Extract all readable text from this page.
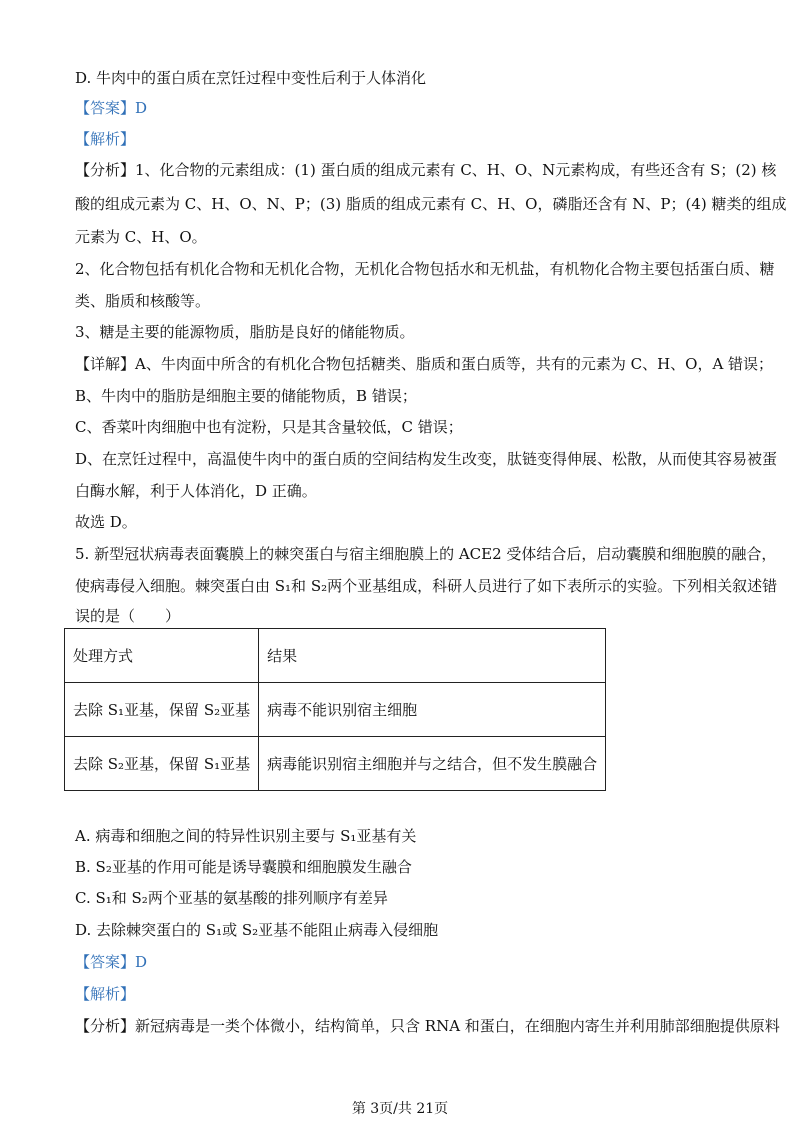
D. 牛肉中的蛋白质在烹饪过程中变性后利于人体消化
【答案】D
【解析】
【分析】1、化合物的元素组成：(1) 蛋白质的组成元素有 C、H、O、N元素构成，有些还含有 S；(2) 核
酸的组成元素为 C、H、O、N、P；(3) 脂质的组成元素有 C、H、O，磷脂还含有 N、P；(4) 糖类的组成
元素为 C、H、O。
2、化合物包括有机化合物和无机化合物，无机化合物包括水和无机盐，有机物化合物主要包括蛋白质、糖
类、脂质和核酸等。
3、糖是主要的能源物质，脂肪是良好的储能物质。
【详解】A、牛肉面中所含的有机化合物包括糖类、脂质和蛋白质等，共有的元素为 C、H、O，A 错误；
B、牛肉中的脂肪是细胞主要的储能物质，B 错误；
C、香菜叶肉细胞中也有淀粉，只是其含量较低，C 错误；
D、在烹饪过程中，高温使牛肉中的蛋白质的空间结构发生改变，肽链变得伸展、松散，从而使其容易被蛋
白酶水解，利于人体消化，D 正确。
故选 D。
5. 新型冠状病毒表面囊膜上的棘突蛋白与宿主细胞膜上的 ACE2 受体结合后，启动囊膜和细胞膜的融合，
使病毒侵入细胞。棘突蛋白由 S₁和 S₂两个亚基组成，科研人员进行了如下表所示的实验。下列相关叙述错
误的是（　　）
处理方式	结果
去除 S₁亚基，保留 S₂亚基	病毒不能识别宿主细胞
去除 S₂亚基，保留 S₁亚基	病毒能识别宿主细胞并与之结合，但不发生膜融合
A. 病毒和细胞之间的特异性识别主要与 S₁亚基有关
B. S₂亚基的作用可能是诱导囊膜和细胞膜发生融合
C. S₁和 S₂两个亚基的氨基酸的排列顺序有差异
D. 去除棘突蛋白的 S₁或 S₂亚基不能阻止病毒入侵细胞
【答案】D
【解析】
【分析】新冠病毒是一类个体微小，结构简单，只含 RNA 和蛋白，在细胞内寄生并利用肺部细胞提供原料
第 3页/共 21页
